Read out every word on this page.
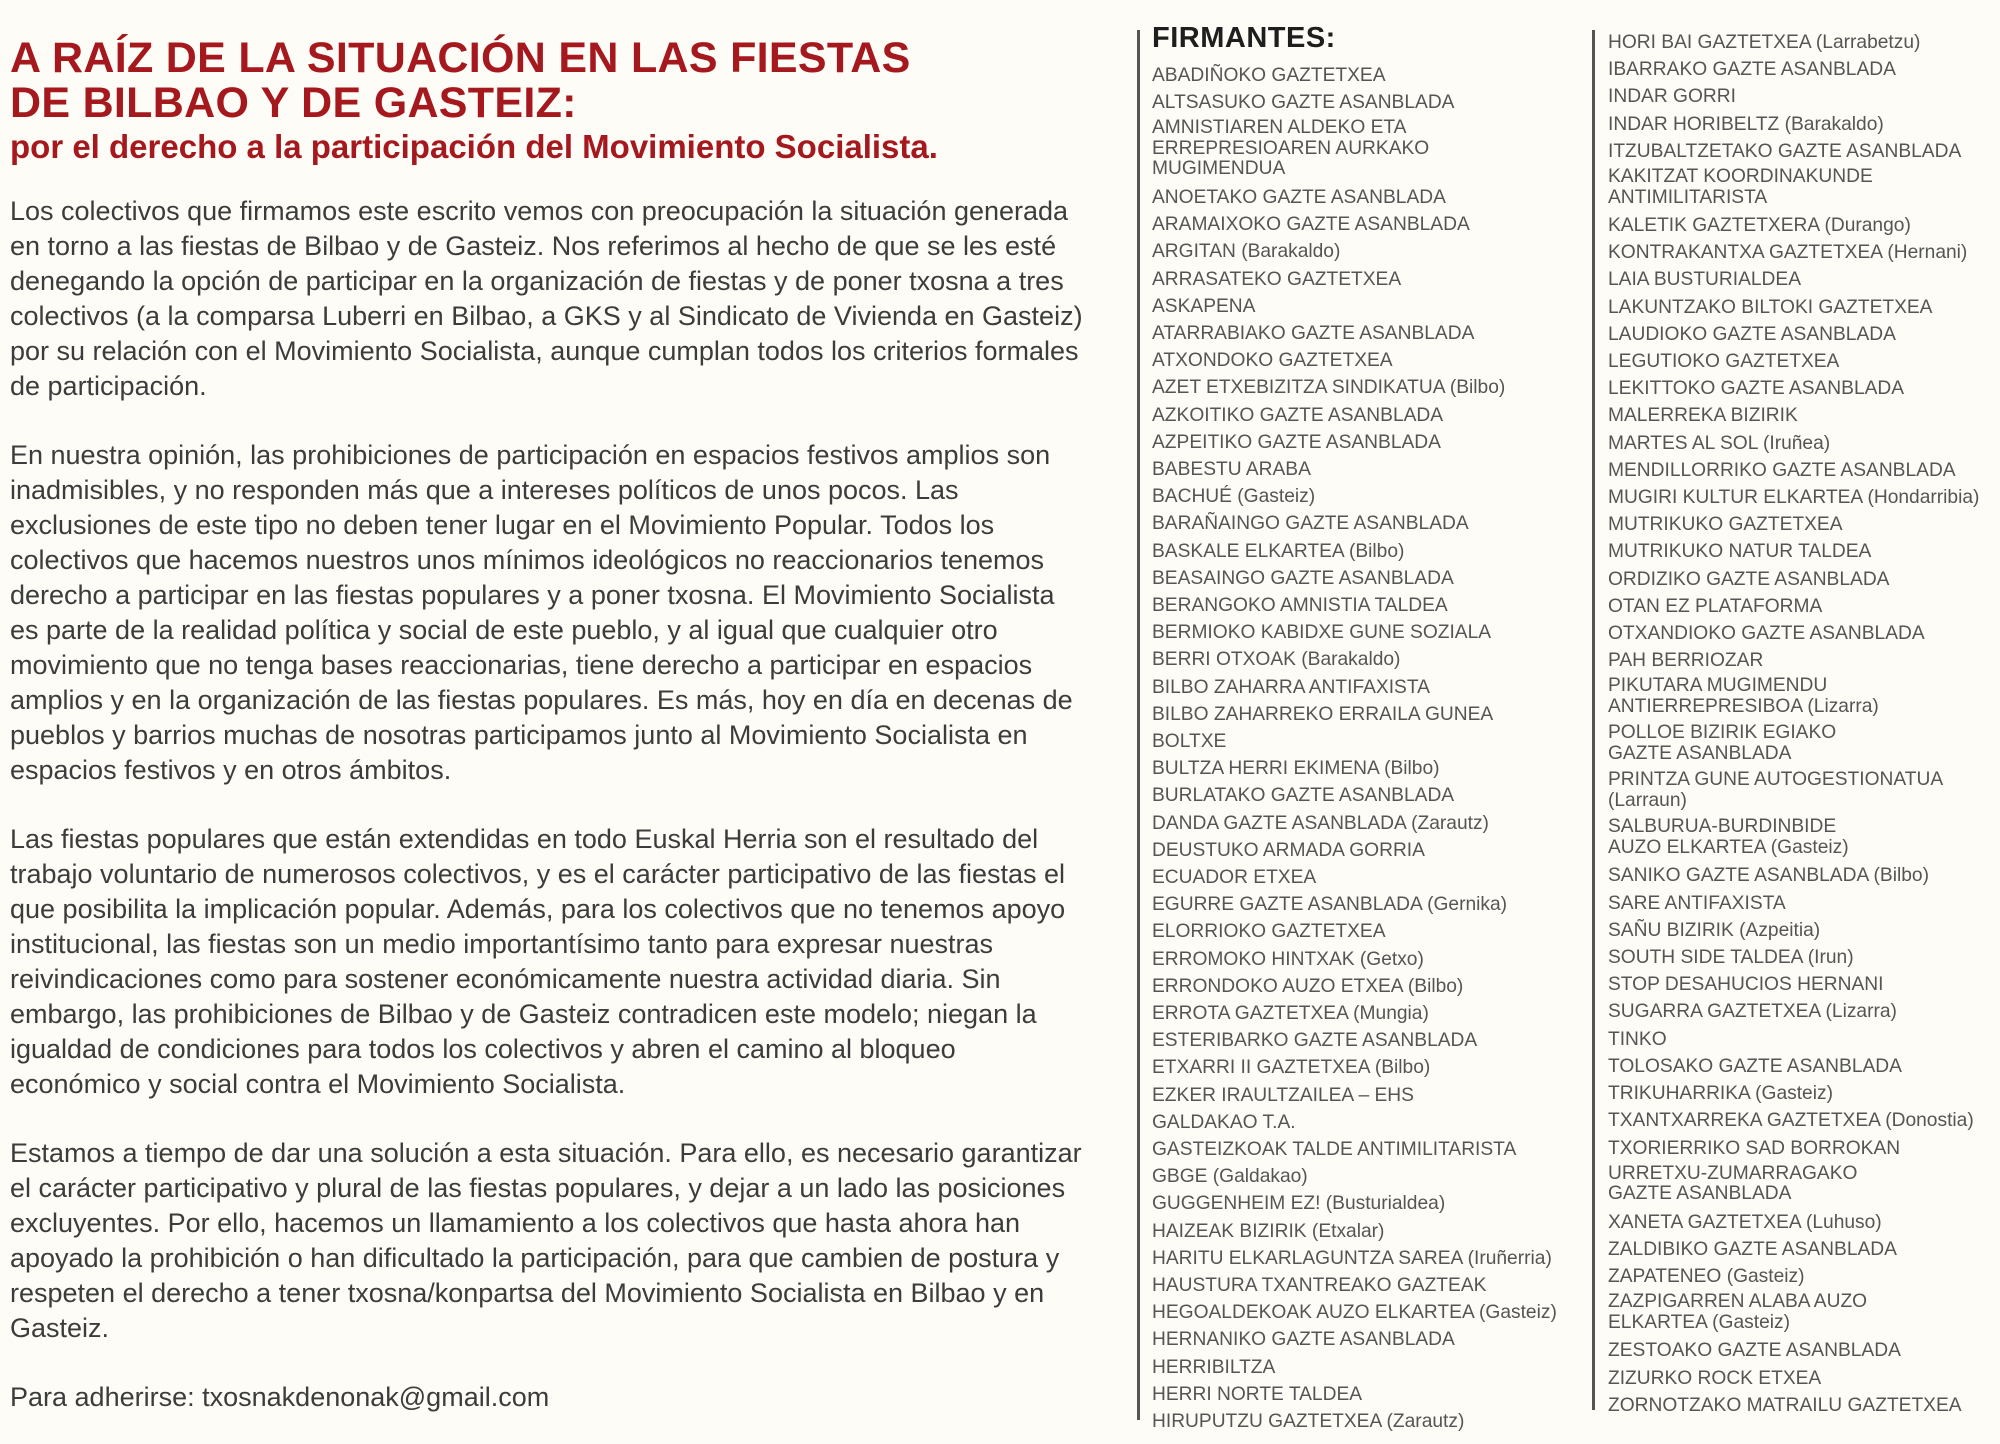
A RAÍZ DE LA SITUACIÓN EN LAS FIESTAS
DE BILBAO Y DE GASTEIZ:
por el derecho a la participación del Movimiento Socialista.

Los colectivos que firmamos este escrito vemos con preocupación la situación generada en torno a las fiestas de Bilbao y de Gasteiz. Nos referimos al hecho de que se les esté denegando la opción de participar en la organización de fiestas y de poner txosna a tres colectivos (a la comparsa Luberri en Bilbao, a GKS y al Sindicato de Vivienda en Gasteiz) por su relación con el Movimiento Socialista, aunque cumplan todos los criterios formales de participación.

En nuestra opinión, las prohibiciones de participación en espacios festivos amplios son inadmisibles, y no responden más que a intereses políticos de unos pocos. Las exclusiones de este tipo no deben tener lugar en el Movimiento Popular. Todos los colectivos que hacemos nuestros unos mínimos ideológicos no reaccionarios tenemos derecho a participar en las fiestas populares y a poner txosna. El Movimiento Socialista es parte de la realidad política y social de este pueblo, y al igual que cualquier otro movimiento que no tenga bases reaccionarias, tiene derecho a participar en espacios amplios y en la organización de las fiestas populares. Es más, hoy en día en decenas de pueblos y barrios muchas de nosotras participamos junto al Movimiento Socialista en espacios festivos y en otros ámbitos.

Las fiestas populares que están extendidas en todo Euskal Herria son el resultado del trabajo voluntario de numerosos colectivos, y es el carácter participativo de las fiestas el que posibilita la implicación popular. Además, para los colectivos que no tenemos apoyo institucional, las fiestas son un medio importantísimo tanto para expresar nuestras reivindicaciones como para sostener económicamente nuestra actividad diaria. Sin embargo, las prohibiciones de Bilbao y de Gasteiz contradicen este modelo; niegan la igualdad de condiciones para todos los colectivos y abren el camino al bloqueo económico y social contra el Movimiento Socialista.

Estamos a tiempo de dar una solución a esta situación. Para ello, es necesario garantizar el carácter participativo y plural de las fiestas populares, y dejar a un lado las posiciones excluyentes. Por ello, hacemos un llamamiento a los colectivos que hasta ahora han apoyado la prohibición o han dificultado la participación, para que cambien de postura y respeten el derecho a tener txosna/konpartsa del Movimiento Socialista en Bilbao y en Gasteiz.

Para adherirse: txosnakdenonak@gmail.com
FIRMANTES:
ABADIÑOKO GAZTETXEA
ALTSASUKO GAZTE ASANBLADA
AMNISTIAREN ALDEKO ETA
ERREPRESIOAREN AURKAKO
MUGIMENDUA
ANOETAKO GAZTE ASANBLADA
ARAMAIXOKO GAZTE ASANBLADA
ARGITAN (Barakaldo)
ARRASATEKO GAZTETXEA
ASKAPENA
ATARRABIAKO GAZTE ASANBLADA
ATXONDOKO GAZTETXEA
AZET ETXEBIZITZA SINDIKATUA (Bilbo)
AZKOITIKO GAZTE ASANBLADA
AZPEITIKO GAZTE ASANBLADA
BABESTU ARABA
BACHUÉ (Gasteiz)
BARAÑAINGO GAZTE ASANBLADA
BASKALE ELKARTEA (Bilbo)
BEASAINGO GAZTE ASANBLADA
BERANGOKO AMNISTIA TALDEA
BERMIOKO KABIDXE GUNE SOZIALA
BERRI OTXOAK (Barakaldo)
BILBO ZAHARRA ANTIFAXISTA
BILBO ZAHARREKO ERRAILA GUNEA
BOLTXE
BULTZA HERRI EKIMENA (Bilbo)
BURLATAKO GAZTE ASANBLADA
DANDA GAZTE ASANBLADA (Zarautz)
DEUSTUKO ARMADA GORRIA
ECUADOR ETXEA
EGURRE GAZTE ASANBLADA (Gernika)
ELORRIOKO GAZTETXEA
ERROMOKO HINTXAK (Getxo)
ERRONDOKO AUZO ETXEA (Bilbo)
ERROTA GAZTETXEA (Mungia)
ESTERIBARKO GAZTE ASANBLADA
ETXARRI II GAZTETXEA (Bilbo)
EZKER IRAULTZAILEA – EHS
GALDAKAO T.A.
GASTEIZKOAK TALDE ANTIMILITARISTA
GBGE (Galdakao)
GUGGENHEIM EZ! (Busturialdea)
HAIZEAK BIZIRIK (Etxalar)
HARITU ELKARLAGUNTZA SAREA (Iruñerria)
HAUSTURA TXANTREAKO GAZTEAK
HEGOALDEKOAK AUZO ELKARTEA (Gasteiz)
HERNANIKO GAZTE ASANBLADA
HERRIBILTZA
HERRI NORTE TALDEA
HIRUPUTZU GAZTETXEA (Zarautz)
HORI BAI GAZTETXEA (Larrabetzu)
IBARRAKO GAZTE ASANBLADA
INDAR GORRI
INDAR HORIBELTZ (Barakaldo)
ITZUBALTZETAKO GAZTE ASANBLADA
KAKITZAT KOORDINAKUNDE
ANTIMILITARISTA
KALETIK GAZTETXERA (Durango)
KONTRAKANTXA GAZTETXEA (Hernani)
LAIA BUSTURIALDEA
LAKUNTZAKO BILTOKI GAZTETXEA
LAUDIOKO GAZTE ASANBLADA
LEGUTIOKO GAZTETXEA
LEKITTOKO GAZTE ASANBLADA
MALERREKA BIZIRIK
MARTES AL SOL (Iruñea)
MENDILLORRIKO GAZTE ASANBLADA
MUGIRI KULTUR ELKARTEA (Hondarribia)
MUTRIKUKO GAZTETXEA
MUTRIKUKO NATUR TALDEA
ORDIZIKO GAZTE ASANBLADA
OTAN EZ PLATAFORMA
OTXANDIOKO GAZTE ASANBLADA
PAH BERRIOZAR
PIKUTARA MUGIMENDU
ANTIERREPRESIBOA (Lizarra)
POLLOE BIZIRIK EGIAKO
GAZTE ASANBLADA
PRINTZA GUNE AUTOGESTIONATUA
(Larraun)
SALBURUA-BURDINBIDE
AUZO ELKARTEA (Gasteiz)
SANIKO GAZTE ASANBLADA (Bilbo)
SARE ANTIFAXISTA
SAÑU BIZIRIK (Azpeitia)
SOUTH SIDE TALDEA (Irun)
STOP DESAHUCIOS HERNANI
SUGARRA GAZTETXEA (Lizarra)
TINKO
TOLOSAKO GAZTE ASANBLADA
TRIKUHARRIKA (Gasteiz)
TXANTXARREKA GAZTETXEA (Donostia)
TXORIERRIKO SAD BORROKAN
URRETXU-ZUMARRAGAKO
GAZTE ASANBLADA
XANETA GAZTETXEA (Luhuso)
ZALDIBIKO GAZTE ASANBLADA
ZAPATENEO (Gasteiz)
ZAZPIGARREN ALABA AUZO
ELKARTEA (Gasteiz)
ZESTOAKO GAZTE ASANBLADA
ZIZURKO ROCK ETXEA
ZORNOTZAKO MATRAILU GAZTETXEA
